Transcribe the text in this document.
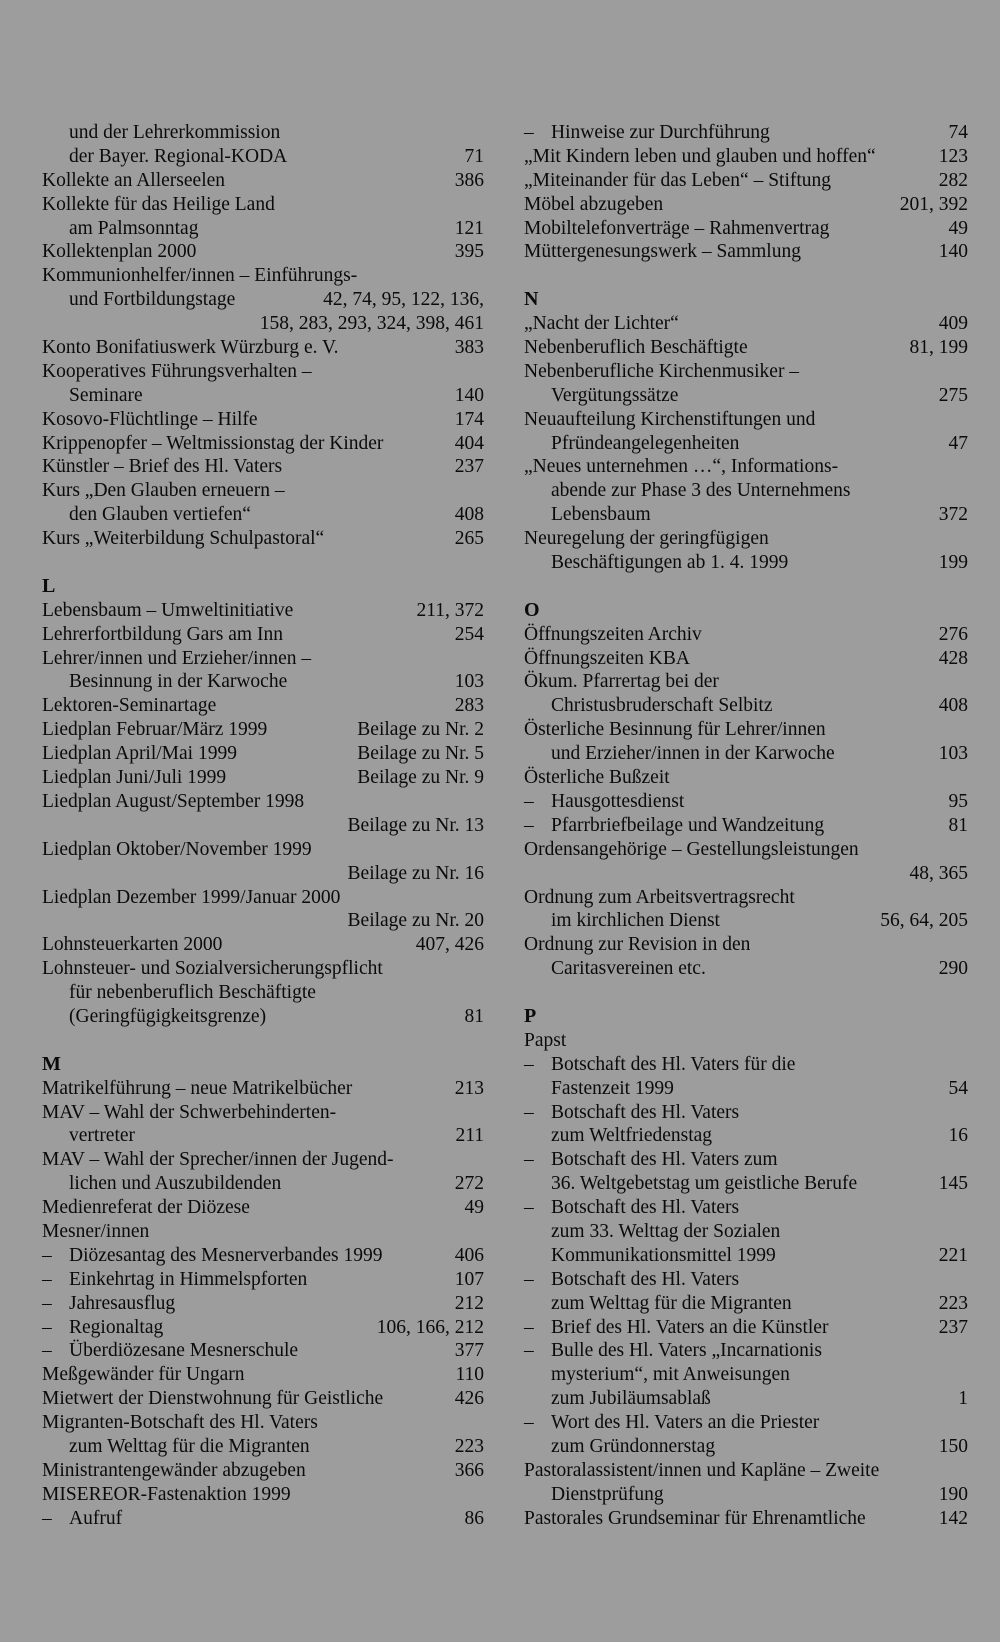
und der Lehrerkommission
der Bayer. Regional-KODA	71
Kollekte an Allerseelen	386
Kollekte für das Heilige Land
am Palmsonntag	121
Kollektenplan 2000	395
Kommunionhelfer/innen – Einführungs-
und Fortbildungstage	42, 74, 95, 122, 136,
158, 283, 293, 324, 398, 461
Konto Bonifatiuswerk Würzburg e. V.	383
Kooperatives Führungsverhalten –
Seminare	140
Kosovo-Flüchtlinge – Hilfe	174
Krippenopfer – Weltmissionstag der Kinder	404
Künstler – Brief des Hl. Vaters	237
Kurs „Den Glauben erneuern –
den Glauben vertiefen“	408
Kurs „Weiterbildung Schulpastoral“	265
L
Lebensbaum – Umweltinitiative	211, 372
Lehrerfortbildung Gars am Inn	254
Lehrer/innen und Erzieher/innen –
Besinnung in der Karwoche	103
Lektoren-Seminartage	283
Liedplan Februar/März 1999	Beilage zu Nr. 2
Liedplan April/Mai 1999	Beilage zu Nr. 5
Liedplan Juni/Juli 1999	Beilage zu Nr. 9
Liedplan August/September 1998
Beilage zu Nr. 13
Liedplan Oktober/November 1999
Beilage zu Nr. 16
Liedplan Dezember 1999/Januar 2000
Beilage zu Nr. 20
Lohnsteuerkarten 2000	407, 426
Lohnsteuer- und Sozialversicherungspflicht
für nebenberuflich Beschäftigte
(Geringfügigkeitsgrenze)	81
M
Matrikelführung – neue Matrikelbücher	213
MAV – Wahl der Schwerbehinderten-
vertreter	211
MAV – Wahl der Sprecher/innen der Jugend-
lichen und Auszubildenden	272
Medienreferat der Diözese	49
Mesner/innen
– Diözesantag des Mesnerverbandes 1999	406
– Einkehrtag in Himmelspforten	107
– Jahresausflug	212
– Regionaltag	106, 166, 212
– Überdiözesane Mesnerschule	377
Meßgewänder für Ungarn	110
Mietwert der Dienstwohnung für Geistliche	426
Migranten-Botschaft des Hl. Vaters
zum Welttag für die Migranten	223
Ministrantengewänder abzugeben	366
MISEREOR-Fastenaktion 1999
– Aufruf	86
– Hinweise zur Durchführung	74
„Mit Kindern leben und glauben und hoffen“	123
„Miteinander für das Leben“ – Stiftung	282
Möbel abzugeben	201, 392
Mobiltelefonverträge – Rahmenvertrag	49
Müttergenesungswerk – Sammlung	140
N
„Nacht der Lichter“	409
Nebenberuflich Beschäftigte	81, 199
Nebenberufliche Kirchenmusiker –
Vergütungssätze	275
Neuaufteilung Kirchenstiftungen und
Pfründeangelegenheiten	47
„Neues unternehmen …“, Informations-
abende zur Phase 3 des Unternehmens
Lebensbaum	372
Neuregelung der geringfügigen
Beschäftigungen ab 1. 4. 1999	199
O
Öffnungszeiten Archiv	276
Öffnungszeiten KBA	428
Ökum. Pfarrertag bei der
Christusbruderschaft Selbitz	408
Österliche Besinnung für Lehrer/innen
und Erzieher/innen in der Karwoche	103
Österliche Bußzeit
– Hausgottesdienst	95
– Pfarrbriefbeilage und Wandzeitung	81
Ordensangehörige – Gestellungsleistungen
48, 365
Ordnung zum Arbeitsvertragsrecht
im kirchlichen Dienst	56, 64, 205
Ordnung zur Revision in den
Caritasvereinen etc.	290
P
Papst
– Botschaft des Hl. Vaters für die
Fastenzeit 1999	54
– Botschaft des Hl. Vaters
zum Weltfriedenstag	16
– Botschaft des Hl. Vaters zum
36. Weltgebetstag um geistliche Berufe	145
– Botschaft des Hl. Vaters
zum 33. Welttag der Sozialen
Kommunikationsmittel 1999	221
– Botschaft des Hl. Vaters
zum Welttag für die Migranten	223
– Brief des Hl. Vaters an die Künstler	237
– Bulle des Hl. Vaters „Incarnationis
mysterium“, mit Anweisungen
zum Jubiläumsablaß	1
– Wort des Hl. Vaters an die Priester
zum Gründonnerstag	150
Pastoralassistent/innen und Kapläne – Zweite
Dienstprüfung	190
Pastorales Grundseminar für Ehrenamtliche	142
